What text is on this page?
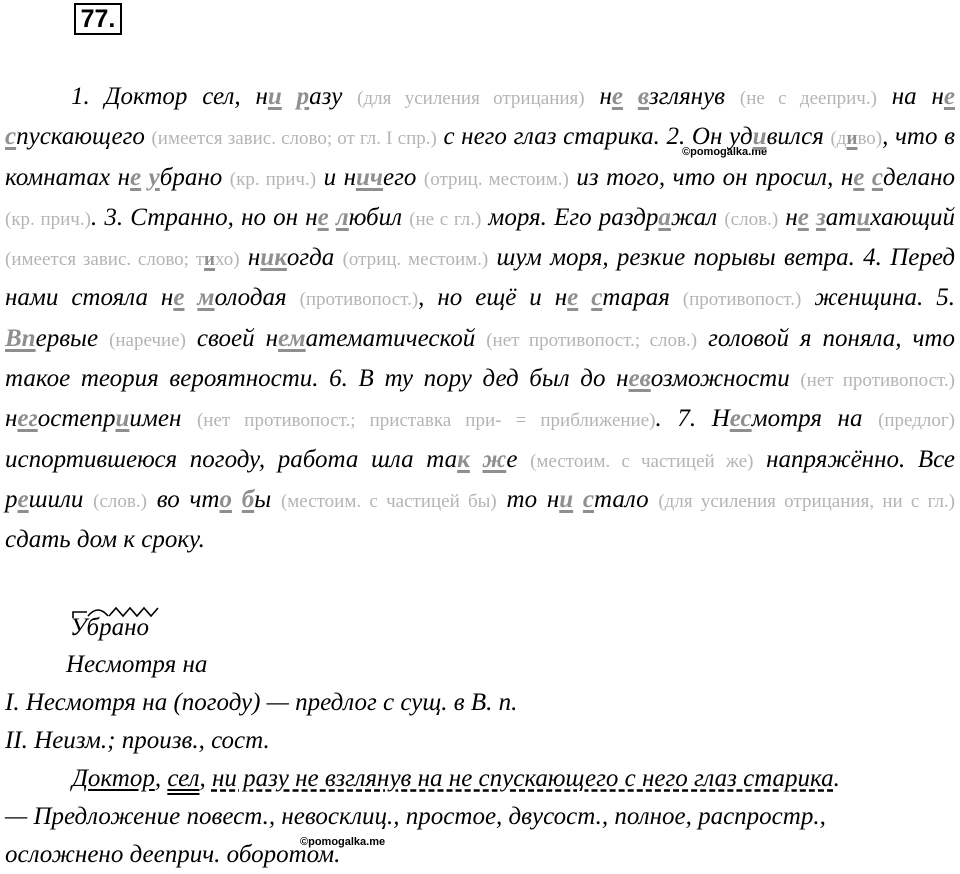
77.
©pomogalka.me
©pomogalka.me

1. Доктор сел, ни разу (для усиления отрицания) не взглянув (не с дееприч.) на не спускающего (имеется завис. слово; от гл. I спр.) с него глаз старика. 2. Он удивился (диво), что в комнатах не убрано (кр. прич.) и ничего (отриц. местоим.) из того, что он просил, не сделано (кр. прич.). 3. Странно, но он не любил (не с гл.) моря. Его раздражал (слов.) не затихающий (имеется завис. слово; тихо) никогда (отриц. местоим.) шум моря, резкие порывы ветра. 4. Перед нами стояла не молодая (противопост.), но ещё и не старая (противопост.) женщина. 5. Впервые (наречие) своей нематематической (нет противопост.; слов.) головой я поняла, что такое теория вероятности. 6. В ту пору дед был до невозможности (нет противопост.) негостеприимен (нет противопост.; приставка при- = приближение). 7. Несмотря на (предлог) испортившеюся погоду, работа шла так же (местоим. с частицей же) напряжённо. Все решили (слов.) во что бы (местоим. с частицей бы) то ни стало (для усиления отрицания, ни с гл.) сдать дом к сроку.

Убрано
Несмотря на
I. Несмотря на (погоду) — предлог с сущ. в В. п.
II. Неизм.; произв., сост.
Доктор, сел, ни разу не взглянув на не спускающего с него глаз старика.
— Предложение повест., невосклиц., простое, двусост., полное, распростр.,
осложнено дееприч. оборотом.
